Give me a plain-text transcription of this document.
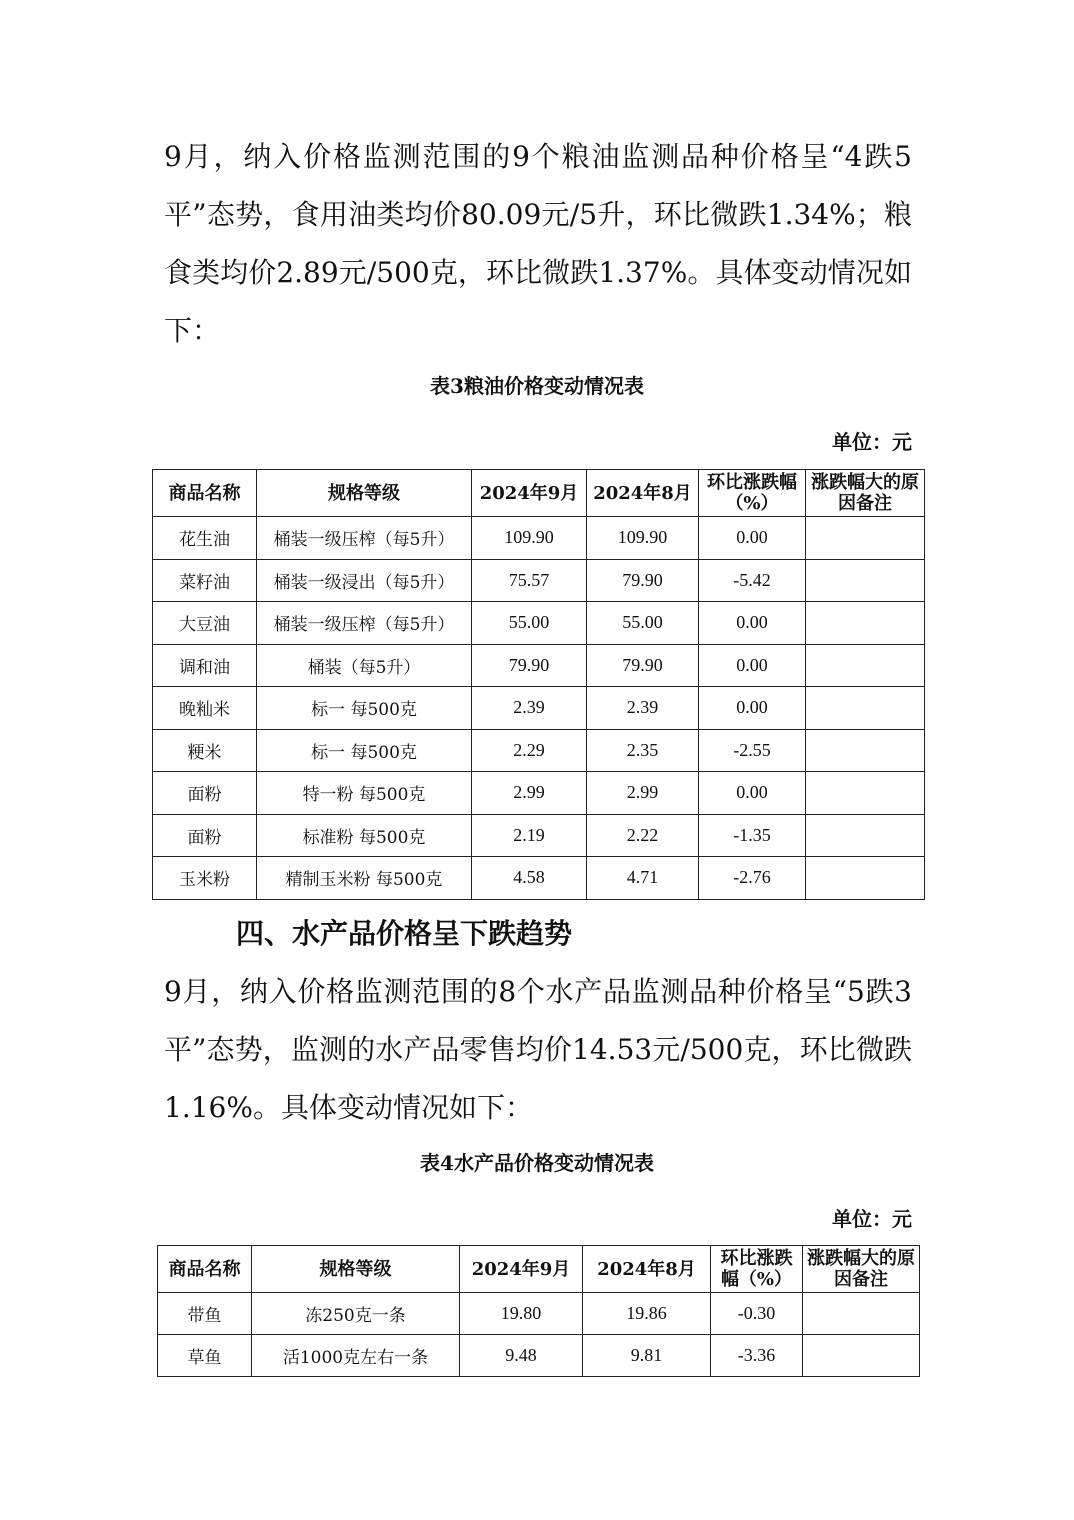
9月，纳入价格监测范围的9个粮油监测品种价格呈“4跌5平”态势，食用油类均价80.09元/5升，环比微跌1.34%；粮食类均价2.89元/500克，环比微跌1.37%。具体变动情况如下：

表3粮油价格变动情况表

单位：元

商品名称	规格等级	2024年9月	2024年8月	环比涨跌幅（%）	涨跌幅大的原因备注
花生油	桶装一级压榨（每5升）	109.90	109.90	0.00	
菜籽油	桶装一级浸出（每5升）	75.57	79.90	-5.42	
大豆油	桶装一级压榨（每5升）	55.00	55.00	0.00	
调和油	桶装（每5升）	79.90	79.90	0.00	
晚籼米	标一 每500克	2.39	2.39	0.00	
粳米	标一 每500克	2.29	2.35	-2.55	
面粉	特一粉 每500克	2.99	2.99	0.00	
面粉	标准粉 每500克	2.19	2.22	-1.35	
玉米粉	精制玉米粉 每500克	4.58	4.71	-2.76	

四、水产品价格呈下跌趋势

9月，纳入价格监测范围的8个水产品监测品种价格呈“5跌3平”态势，监测的水产品零售均价14.53元/500克，环比微跌1.16%。具体变动情况如下：

表4水产品价格变动情况表

单位：元

商品名称	规格等级	2024年9月	2024年8月	环比涨跌幅（%）	涨跌幅大的原因备注
带鱼	冻250克一条	19.80	19.86	-0.30	
草鱼	活1000克左右一条	9.48	9.81	-3.36	
